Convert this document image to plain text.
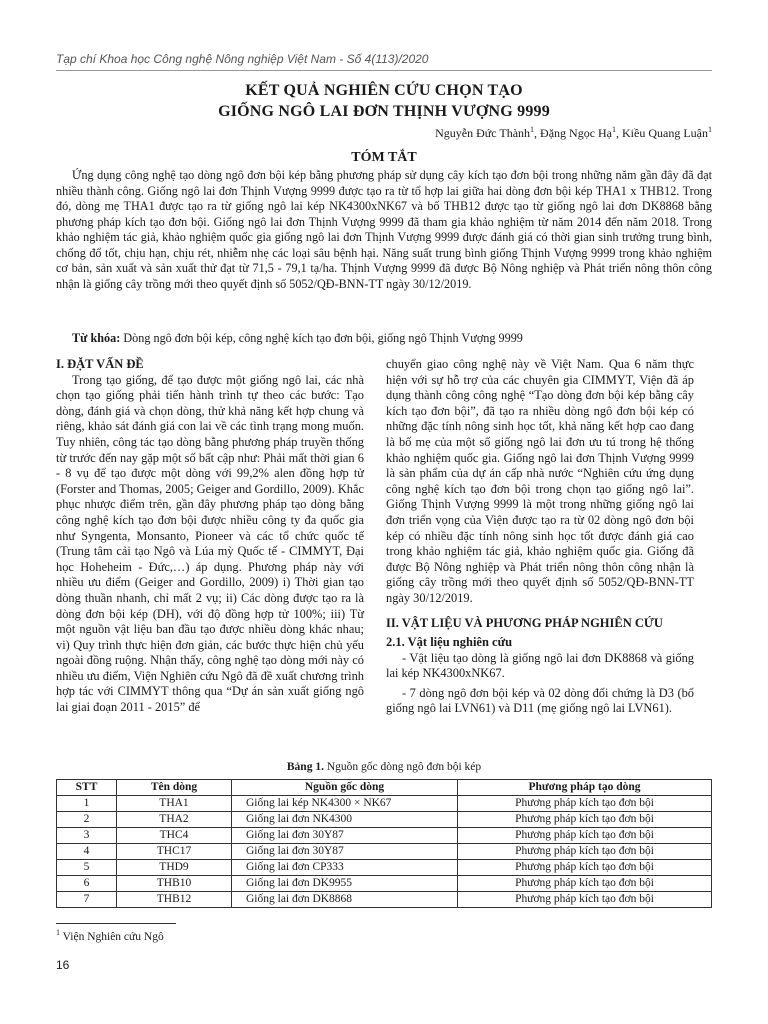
Tạp chí Khoa học Công nghệ Nông nghiệp Việt Nam - Số 4(113)/2020
KẾT QUẢ NGHIÊN CỨU CHỌN TẠO
GIỐNG NGÔ LAI ĐƠN THỊNH VƯỢNG 9999
Nguyễn Đức Thành$^1$, Đặng Ngọc Hạ$^1$, Kiều Quang Luận$^1$
TÓM TẮT

Ứng dụng công nghệ tạo dòng ngô đơn bội kép bằng phương pháp sử dụng cây kích tạo đơn bội trong những năm gần đây đã đạt nhiều thành công. Giống ngô lai đơn Thịnh Vượng 9999 được tạo ra từ tổ hợp lai giữa hai dòng đơn bội kép THA1 x THB12. Trong đó, dòng mẹ THA1 được tạo ra từ giống ngô lai kép NK4300xNK67 và bố THB12 được tạo từ giống ngô lai đơn DK8868 bằng phương pháp kích tạo đơn bội. Giống ngô lai đơn Thịnh Vượng 9999 đã tham gia khảo nghiệm từ năm 2014 đến năm 2018. Trong khảo nghiệm tác giả, khảo nghiệm quốc gia giống ngô lai đơn Thịnh Vượng 9999 được đánh giá có thời gian sinh trưởng trung bình, chống đổ tốt, chịu hạn, chịu rét, nhiễm nhẹ các loại sâu bệnh hại. Năng suất trung bình giống Thịnh Vượng 9999 trong khảo nghiệm cơ bản, sản xuất và sản xuất thử đạt từ 71,5 - 79,1 tạ/ha. Thịnh Vượng 9999 đã được Bộ Nông nghiệp và Phát triển nông thôn công nhận là giống cây trồng mới theo quyết định số 5052/QĐ-BNN-TT ngày 30/12/2019.

Từ khóa: Dòng ngô đơn bội kép, công nghệ kích tạo đơn bội, giống ngô Thịnh Vượng 9999

I. ĐẶT VẤN ĐỀ

Trong tạo giống, để tạo được một giống ngô lai, các nhà chọn tạo giống phải tiến hành trình tự theo các bước: Tạo dòng, đánh giá và chọn dòng, thử khả năng kết hợp chung và riêng, khảo sát đánh giá con lai về các tình trạng mong muốn. Tuy nhiên, công tác tạo dòng bằng phương pháp truyền thống từ trước đến nay gặp một số bất cập như: Phải mất thời gian 6 - 8 vụ để tạo được một dòng với 99,2% alen đồng hợp tử (Forster and Thomas, 2005; Geiger and Gordillo, 2009). Khắc phục nhược điểm trên, gần đây phương pháp tạo dòng bằng công nghệ kích tạo đơn bội được nhiều công ty đa quốc gia như Syngenta, Monsanto, Pioneer và các tổ chức quốc tế (Trung tâm cải tạo Ngô và Lúa mỳ Quốc tế - CIMMYT, Đại học Hoheheim - Đức,…) áp dụng. Phương pháp này với nhiều ưu điểm (Geiger and Gordillo, 2009) i) Thời gian tạo dòng thuần nhanh, chỉ mất 2 vụ; ii) Các dòng được tạo ra là dòng đơn bội kép (DH), với độ đồng hợp tử 100%; iii) Từ một nguồn vật liệu ban đầu tạo được nhiều dòng khác nhau; vi) Quy trình thực hiện đơn giản, các bước thực hiện chủ yếu ngoài đồng ruộng. Nhận thấy, công nghệ tạo dòng mới này có nhiều ưu điểm, Viện Nghiên cứu Ngô đã đề xuất chương trình hợp tác với CIMMYT thông qua “Dự án sản xuất giống ngô lai giai đoạn 2011 - 2015” để

chuyển giao công nghệ này về Việt Nam. Qua 6 năm thực hiện với sự hỗ trợ của các chuyên gia CIMMYT, Viện đã áp dụng thành công công nghệ “Tạo dòng đơn bội kép bằng cây kích tạo đơn bội”, đã tạo ra nhiều dòng ngô đơn bội kép có những đặc tính nông sinh học tốt, khả năng kết hợp cao đang là bố mẹ của một số giống ngô lai đơn ưu tú trong hệ thống khảo nghiệm quốc gia. Giống ngô lai đơn Thịnh Vượng 9999 là sản phẩm của dự án cấp nhà nước “Nghiên cứu ứng dụng công nghệ kích tạo đơn bội trong chọn tạo giống ngô lai”. Giống Thịnh Vượng 9999 là một trong những giống ngô lai đơn triển vọng của Viện được tạo ra từ 02 dòng ngô đơn bội kép có nhiều đặc tính nông sinh học tốt được đánh giá cao trong khảo nghiệm tác giả, khảo nghiệm quốc gia. Giống đã được Bộ Nông nghiệp và Phát triển nông thôn công nhận là giống cây trồng mới theo quyết định số 5052/QĐ-BNN-TT ngày 30/12/2019.

II. VẬT LIỆU VÀ PHƯƠNG PHÁP NGHIÊN CỨU

2.1. Vật liệu nghiên cứu

- Vật liệu tạo dòng là giống ngô lai đơn DK8868 và giống lai kép NK4300xNK67.

- 7 dòng ngô đơn bội kép và 02 dòng đối chứng là D3 (bố giống ngô lai LVN61) và D11 (mẹ giống ngô lai LVN61).

Bảng 1. Nguồn gốc dòng ngô đơn bội kép
STT	Tên dòng	Nguồn gốc dòng	Phương pháp tạo dòng
1	THA1	Giống lai kép NK4300 × NK67	Phương pháp kích tạo đơn bội
2	THA2	Giống lai đơn NK4300	Phương pháp kích tạo đơn bội
3	THC4	Giống lai đơn 30Y87	Phương pháp kích tạo đơn bội
4	THC17	Giống lai đơn 30Y87	Phương pháp kích tạo đơn bội
5	THD9	Giống lai đơn CP333	Phương pháp kích tạo đơn bội
6	THB10	Giống lai đơn DK9955	Phương pháp kích tạo đơn bội
7	THB12	Giống lai đơn DK8868	Phương pháp kích tạo đơn bội
$^1$ Viện Nghiên cứu Ngô
16
